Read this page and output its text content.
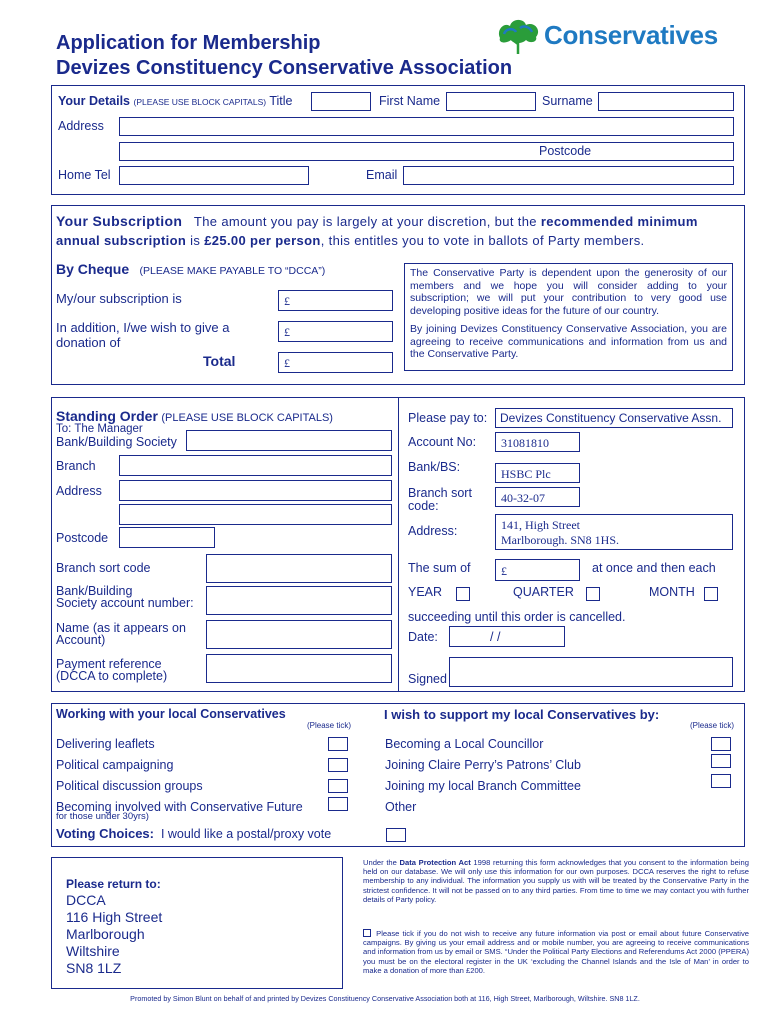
Application for Membership
Devizes Constituency Conservative Association
Conservatives
Your Details (PLEASE USE BLOCK CAPITALS) Title	First Name	Surname
Address
Postcode
Home Tel	Email
Your Subscription The amount you pay is largely at your discretion, but the recommended minimum
annual subscription is £25.00 per person, this entitles you to vote in ballots of Party members.
By Cheque (PLEASE MAKE PAYABLE TO “DCCA”)
My/our subscription is	£
In addition, I/we wish to give a
donation of
£
Total	£
The Conservative Party is dependent upon the generosity of our members and we hope you will consider adding to your subscription; we will put your contribution to very good use developing positive ideas for the future of our country.
By joining Devizes Constituency Conservative Association, you are agreeing to receive communications and information from us and the Conservative Party.
Standing Order (PLEASE USE BLOCK CAPITALS)
To: The Manager
Bank/Building Society
Branch
Address
Postcode
Branch sort code
Bank/Building
Society account number:
Name (as it appears on
Account)
Payment reference
(DCCA to complete)
Please pay to: Devizes Constituency Conservative Assn.
Account No: 31081810
Bank/BS:	HSBC Plc
Branch sort
code:
40-32-07
Address:	141, High Street
Marlborough. SN8 1HS.
The sum of	£	at once and then each
YEAR	QUARTER	MONTH
succeeding until this order is cancelled.
Date:	/ /
Signed
Working with your local Conservatives
(Please tick)
I wish to support my local Conservatives by:
(Please tick)
Delivering leaflets
Political campaigning
Political discussion groups
Becoming involved with Conservative Future
for those under 30yrs)
Becoming a Local Councillor
Joining Claire Perry’s Patrons’ Club
Joining my local Branch Committee
Other
Voting Choices: I would like a postal/proxy vote
Please return to:
DCCA
116 High Street
Marlborough
Wiltshire
SN8 1LZ
Under the Data Protection Act 1998 returning this form acknowledges that you consent to the information being held on our database. We will only use this information for our own purposes. DCCA reserves the right to refuse membership to any individual. The information you supply us with will be treated by the Conservative Party in the strictest confidence. It will not be passed on to any third parties. From time to time we may contact you with further details of Party policy.
Please tick if you do not wish to receive any future information via post or email about future Conservative campaigns. By giving us your email address and or mobile number, you are agreeing to receive communications and information from us by email or SMS. “Under the Political Party Elections and Referendums Act 2000 (PPERA) you must be on the electoral register in the UK ‘excluding the Channel Islands and the Isle of Man’ in order to make a donation of more than £200.
Promoted by Simon Blunt on behalf of and printed by Devizes Constituency Conservative Association both at 116, High Street, Marlborough, Wiltshire. SN8 1LZ.
